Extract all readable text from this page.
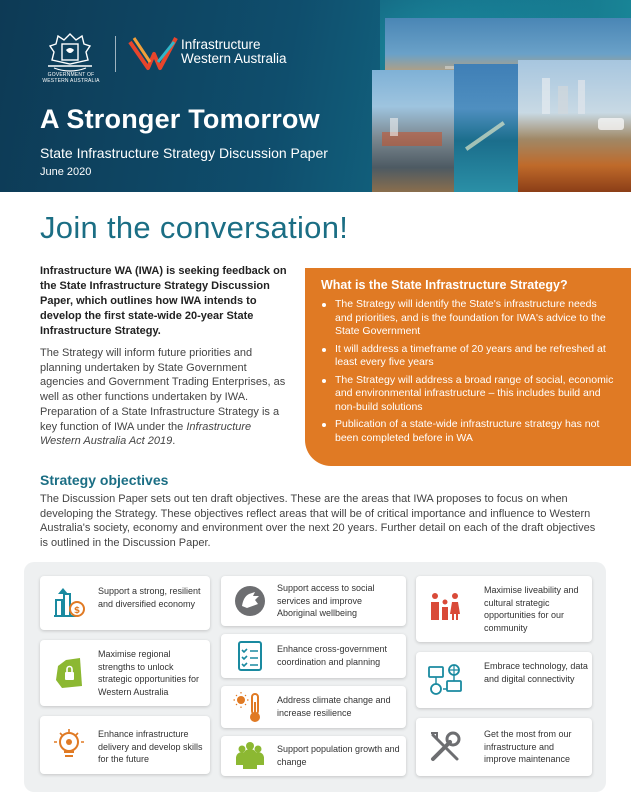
GOVERNMENT OF WESTERN AUSTRALIA
Infrastructure
Western Australia
A Stronger Tomorrow
State Infrastructure Strategy Discussion Paper
June 2020
Join the conversation!
Infrastructure WA (IWA) is seeking feedback on the State Infrastructure Strategy Discussion Paper, which outlines how IWA intends to develop the first state-wide 20-year State Infrastructure Strategy.
The Strategy will inform future priorities and planning undertaken by State Government agencies and Government Trading Enterprises, as well as other functions undertaken by IWA.
Preparation of a State Infrastructure Strategy is a key function of IWA under the Infrastructure Western Australia Act 2019.
What is the State Infrastructure Strategy?
The Strategy will identify the State's infrastructure needs and priorities, and is the foundation for IWA's advice to the State Government
It will address a timeframe of 20 years and be refreshed at least every five years
The Strategy will address a broad range of social, economic and environmental infrastructure – this includes build and non-build solutions
Publication of a state-wide infrastructure strategy has not been completed before in WA
Strategy objectives
The Discussion Paper sets out ten draft objectives. These are the areas that IWA proposes to focus on when developing the Strategy. These objectives reflect areas that will be of critical importance and influence to Western Australia's society, economy and environment over the next 20 years. Further detail on each of the draft objectives is outlined in the Discussion Paper.
$
Support a strong, resilient and diversified economy
Maximise regional strengths to unlock strategic opportunities for Western Australia
Enhance infrastructure delivery and develop skills for the future
Support access to social services and improve Aboriginal wellbeing
Enhance cross-government coordination and planning
Address climate change and increase resilience
Support population growth and change
Maximise liveability and cultural strategic opportunities for our community
Embrace technology, data and digital connectivity
Get the most from our infrastructure and improve maintenance
